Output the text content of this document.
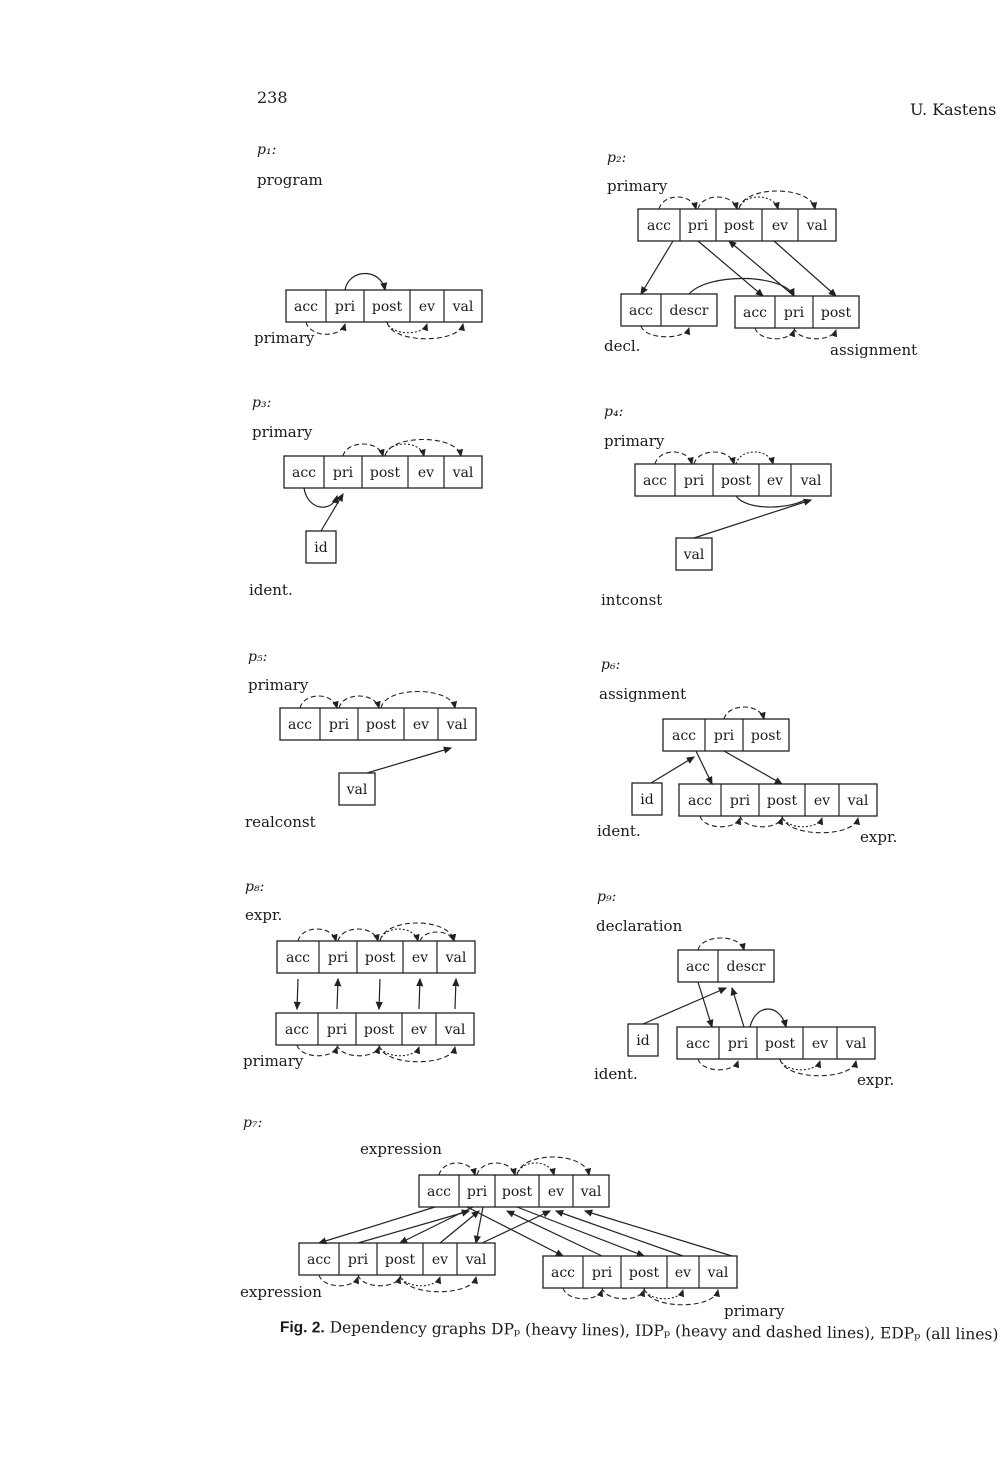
238
U. Kastens
p₁:
program
primary
p₂:
primary
decl.	assignment
p₃:
primary
ident.
p₄:
primary
intconst
p₅:
primary
realconst
p₆:
assignment
ident.	expr.
p₈:
expr.
primary
p₉:
declaration
ident.	expr.
p₇:
expression
expression
primary
acc pri post ev val
acc pri post ev val
acc descr acc pri post
acc pri post ev val
id
acc pri post ev val
val
acc pri post ev val
val
acc pri post
id acc pri post ev val
acc pri post ev val
acc pri post ev val
acc descr
id	acc pri post ev val
acc pri post ev val
acc pri post ev val
acc pri post ev val
Fig. 2. Dependency graphs DPₚ (heavy lines), IDPₚ (heavy and dashed lines), EDPₚ (all lines)
